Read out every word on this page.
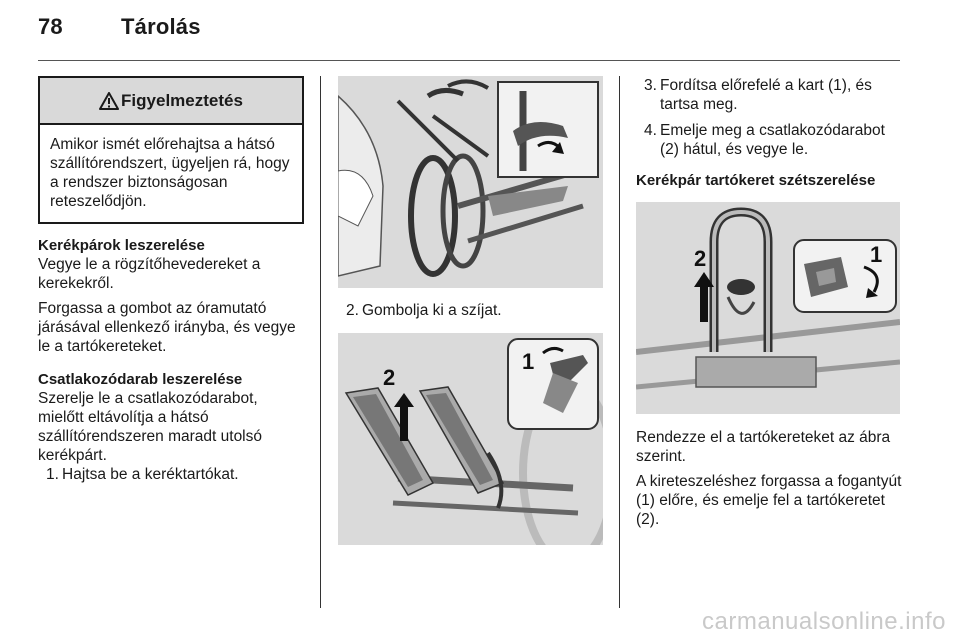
78	Tárolás
Figyelmeztetés
Amikor ismét előrehajtsa a hátsó szállítórendszert, ügyeljen rá, hogy a rendszer biztonságosan reteszelődjön.
Kerékpárok leszerelése

Vegye le a rögzítőhevedereket a kerekekről.

Forgassa a gombot az óramutató járásával ellenkező irányba, és vegye le a tartókereteket.

Csatlakozódarab leszerelése

Szerelje le a csatlakozódarabot, mielőtt eltávolítja a hátsó szállítórendszeren maradt utolsó kerékpárt.

1. Hajtsa be a keréktartókat.
2. Gombolja ki a szíjat.
2
1
3. Fordítsa előrefelé a kart (1), és tartsa meg.
4. Emelje meg a csatlakozódarabot (2) hátul, és vegye le.
Kerékpár tartókeret szétszerelése
2	1

Rendezze el a tartókereteket az ábra szerint.

A kireteszeléshez forgassa a fogantyút (1) előre, és emelje fel a tartókeretet (2).

carmanualsonline.info
